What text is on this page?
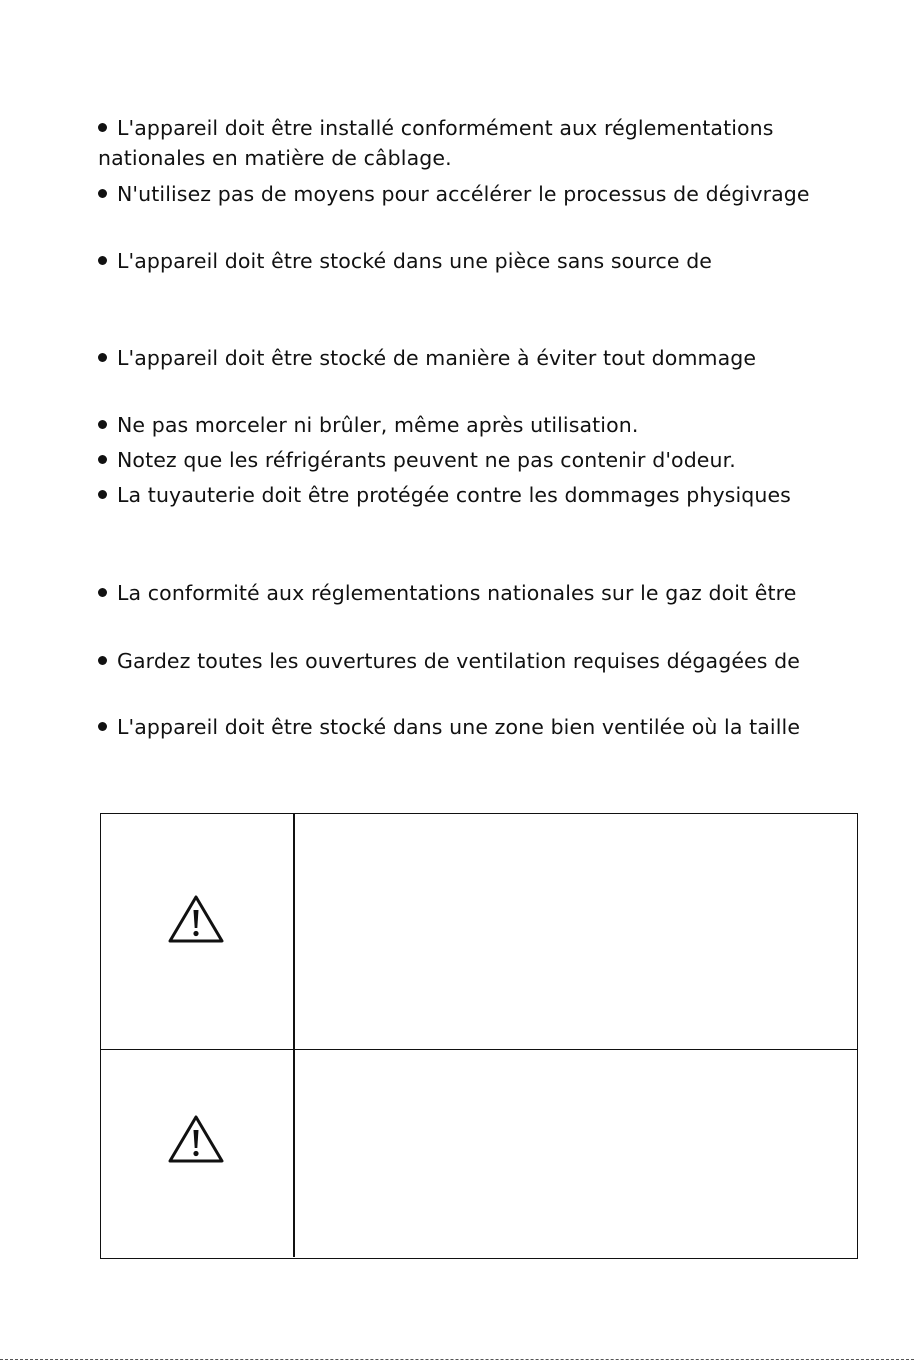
L'appareil doit être installé conformément aux réglementations
nationales en matière de câblage.
N'utilisez pas de moyens pour accélérer le processus de dégivrage
L'appareil doit être stocké dans une pièce sans source de
L'appareil doit être stocké de manière à éviter tout dommage
Ne pas morceler ni brûler, même après utilisation.
Notez que les réfrigérants peuvent ne pas contenir d'odeur.
La tuyauterie doit être protégée contre les dommages physiques
La conformité aux réglementations nationales sur le gaz doit être
Gardez toutes les ouvertures de ventilation requises dégagées de
L'appareil doit être stocké dans une zone bien ventilée où la taille
